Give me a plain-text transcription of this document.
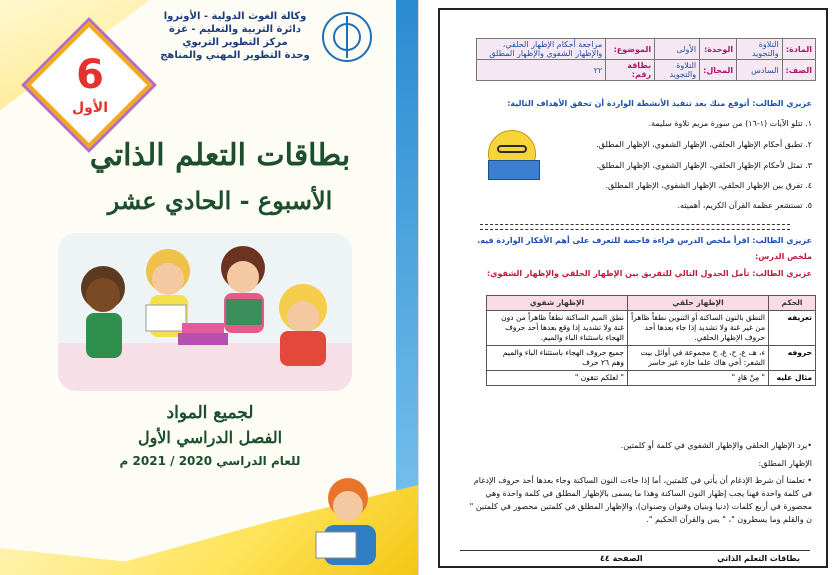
وكالة الغوث الدولية - الأونروا
دائرة التربية والتعليم - غزة
مركز التطوير التربوي
وحدة التطوير المهني والمناهج
6
الأول
بطاقات التعلم الذاتي
الأسبوع - الحادي عشر
لجميع المواد
الفصل الدراسي الأول
للعام الدراسي 2020 / 2021 م
المادة:	التلاوة والتجويد	الوحدة:	الأولى	الموضوع:	مراجعة أحكام الإظهار الحلقي، والإظهار الشفوي والإظهار المطلق
الصف:	السادس	المجال:	التلاوة والتجويد	بطاقة رقم:	٢٢
عزيزي الطالب: أتوقع منك بعد تنفيذ الأنشطة الواردة أن تحقق الأهداف التالية:
١. تتلو الآيات (١-١٦) من سورة مريم تلاوة سليمة.
٢. تطبق أحكام الإظهار الحلقي، الإظهار الشفوي، الإظهار المطلق.
٣. تمثل لأحكام الإظهار الحلقي، الإظهار الشفوي، الإظهار المطلق.
٤. تفرق بين الإظهار الحلقي، الإظهار الشفوي، الإظهار المطلق.
٥. تستشعر عظمة القرآن الكريم، أهميته.
عزيزي الطالب: اقرأ ملخص الدرس قراءة فاحصة للتعرف على أهم الأفكار الواردة فيه.
ملخص الدرس:
عزيزي الطالب: تأمل الجدول التالي للتفريق بين الإظهار الحلقي والإظهار الشفوي:
الحكم	الإظهار حلقي	الإظهار شفوي
تعريفه	النطق بالنون الساكنة أو التنوين نطقاً ظاهراً من غير غنة ولا تشديد إذا جاء بعدها أحد حروف الإظهار الحلقي.	نطق الميم الساكنة نطقاً ظاهراً من دون غنة ولا تشديد إذا وقع بعدها أحد حروف الهجاء باستثناء الباء والميم.
حروفه	ء، هـ، ع، ح، غ، خ مجموعة في أوائل بيت الشعر: أخي هاك علما حازه غير خاسر	جميع حروف الهجاء باستثناء الباء والميم وهم ٢٦ حرف
مثال عليه	" مِنْ هَادٍ "	" لعلكم تتقون "
•يرد الإظهار الحلقي والإظهار الشفوي في كلمة أو كلمتين.
الإظهار المطلق:
• تعلمنا أن شرط الإدغام أن يأتي في كلمتين، أما إذا جاءت النون الساكنة وجاء بعدها أحد حروف الإدغام في كلمة واحدة فهنا يجب إظهار النون الساكنة وهذا ما يسمى بالإظهار المطلق في كلمة واحدة وهي محصورة في أربع كلمات (دنيا وبنيان وقنوان وصنوان)، والإظهار المطلق في كلمتين محصور في كلمتين " ن والقلم وما يسطرون "، " يس والقرآن الحكيم ".
بطاقات التعلم الذاتي
الصفحة ٤٤
